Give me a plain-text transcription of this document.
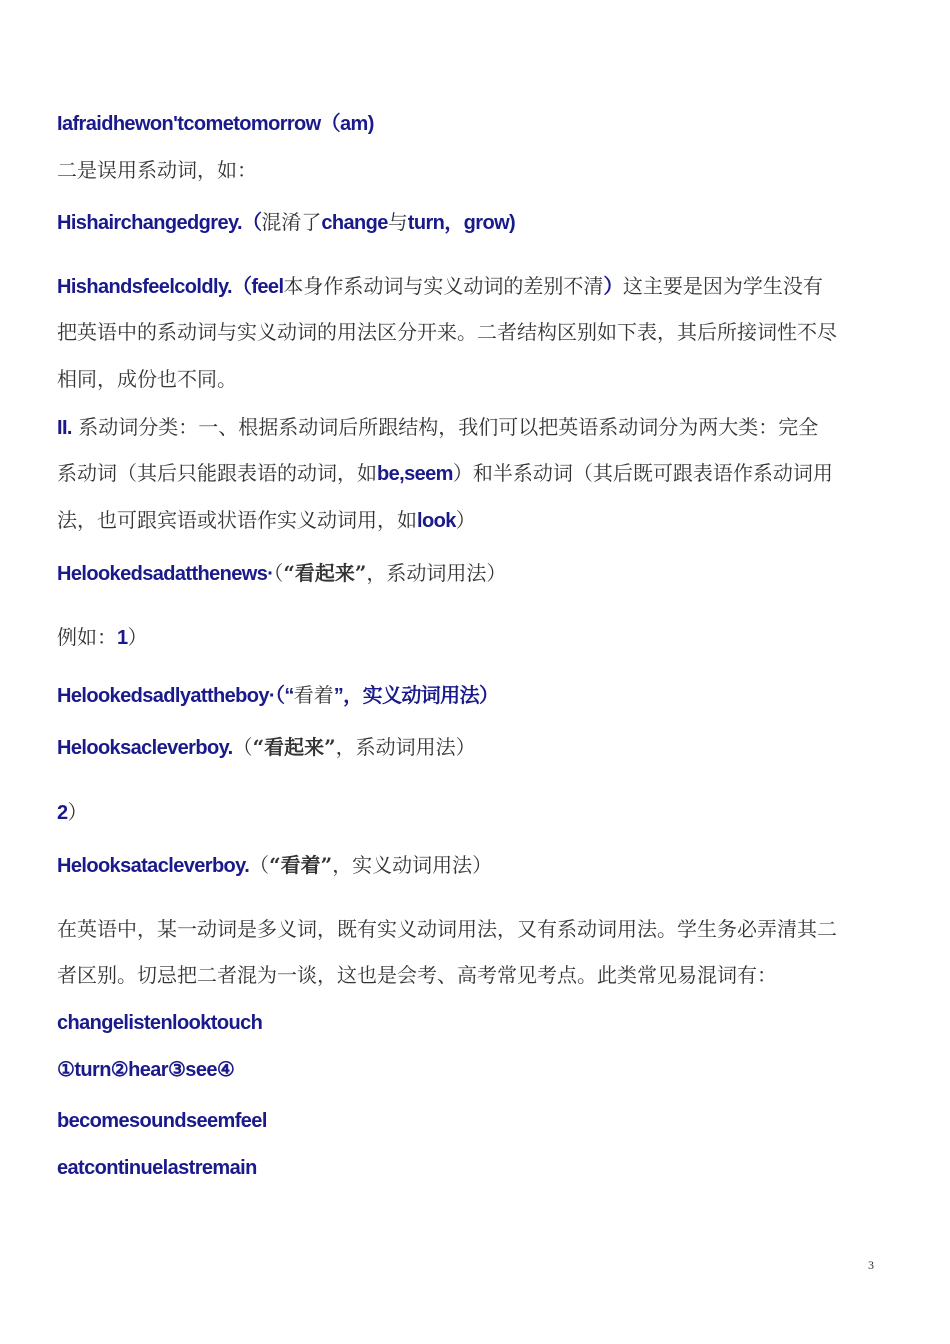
Iafraidhewon'tcometomorrow（am)
二是误用系动词，如：
Hishairchangedgrey.（混淆了change与turn，grow)
Hishandsfeelcoldly.（feel本身作系动词与实义动词的差别不清）这主要是因为学生没有
把英语中的系动词与实义动词的用法区分开来。二者结构区别如下表，其后所接词性不尽
相同，成份也不同。
II. 系动词分类：一、根据系动词后所跟结构，我们可以把英语系动词分为两大类：完全
系动词（其后只能跟表语的动词，如be,seem）和半系动词（其后既可跟表语作系动词用
法，也可跟宾语或状语作实义动词用，如look）
Helookedsadatthenews·（“看起来”，系动词用法）
例如：1）
Helookedsadlyattheboy·（“看着”，实义动词用法）
Helooksacleverboy.（“看起来”，系动词用法）
2）
Helooksatacleverboy.（“看着”，实义动词用法）
在英语中，某一动词是多义词，既有实义动词用法，又有系动词用法。学生务必弄清其二
者区别。切忌把二者混为一谈，这也是会考、高考常见考点。此类常见易混词有：
changelistenlooktouch
①turn②hear③see④
becomesoundseemfeel
eatcontinuelastremain
3
